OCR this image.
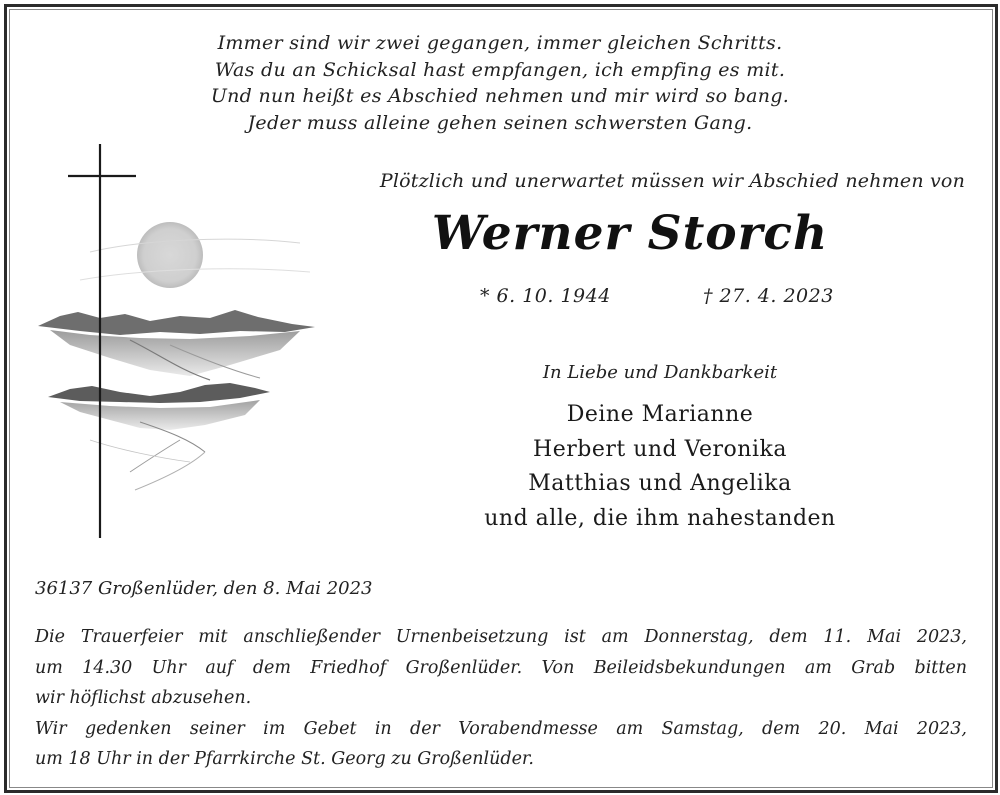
Immer sind wir zwei gegangen, immer gleichen Schritts.
Was du an Schicksal hast empfangen, ich empfing es mit.
Und nun heißt es Abschied nehmen und mir wird so bang.
Jeder muss alleine gehen seinen schwersten Gang.
Plötzlich und unerwartet müssen wir Abschied nehmen von
Werner Storch
* 6. 10. 1944	† 27. 4. 2023
In Liebe und Dankbarkeit
Deine Marianne
Herbert und Veronika
Matthias und Angelika
und alle, die ihm nahestanden
36137 Großenlüder, den 8. Mai 2023
Die Trauerfeier mit anschließender Urnenbeisetzung ist am Donnerstag, dem 11. Mai 2023,
um 14.30 Uhr auf dem Friedhof Großenlüder. Von Beileidsbekundungen am Grab bitten
wir höflichst abzusehen.
Wir gedenken seiner im Gebet in der Vorabendmesse am Samstag, dem 20. Mai 2023,
um 18 Uhr in der Pfarrkirche St. Georg zu Großenlüder.
